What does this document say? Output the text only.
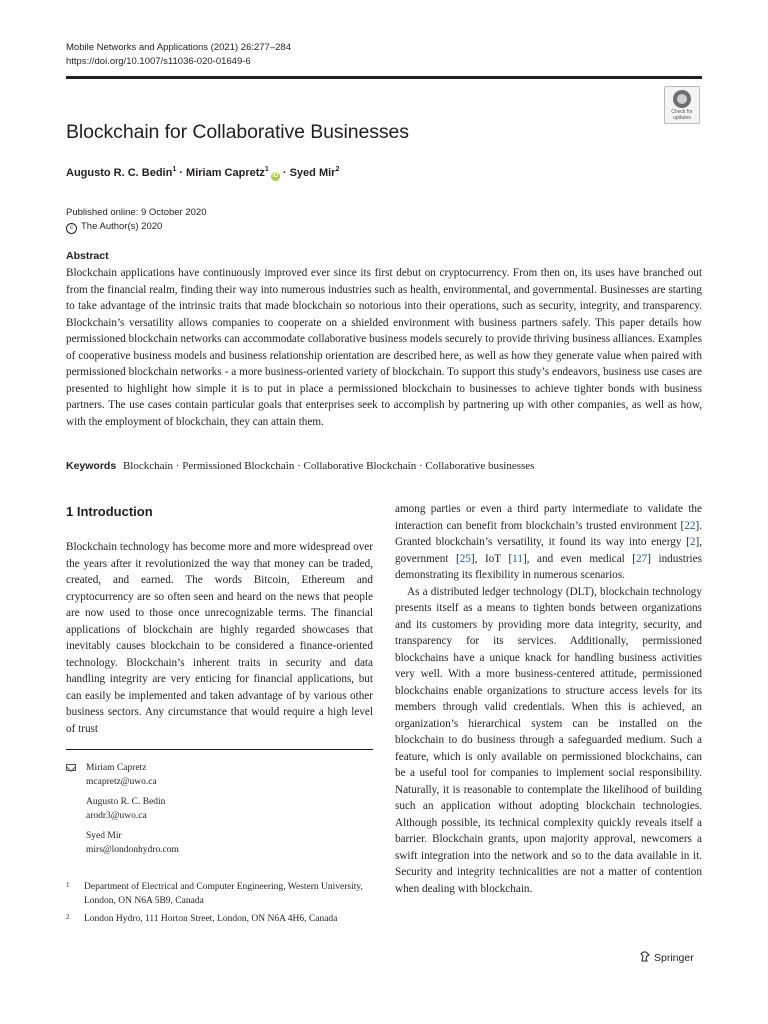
Mobile Networks and Applications (2021) 26:277–284
https://doi.org/10.1007/s11036-020-01649-6
Check for
updates
Blockchain for Collaborative Businesses
Augusto R. C. Bedin$^1$ · Miriam Capretz$^1$iD · Syed Mir$^2$
Published online: 9 October 2020
c The Author(s) 2020
Abstract

Blockchain applications have continuously improved ever since its first debut on cryptocurrency. From then on, its uses have branched out from the financial realm, finding their way into numerous industries such as health, environmental, and governmental. Businesses are starting to take advantage of the intrinsic traits that made blockchain so notorious into their operations, such as security, integrity, and transparency. Blockchain’s versatility allows companies to cooperate on a shielded environment with business partners safely. This paper details how permissioned blockchain networks can accommodate collaborative business models securely to provide thriving business alliances. Examples of cooperative business models and business relationship orientation are described here, as well as how they generate value when paired with permissioned blockchain networks - a more business-oriented variety of blockchain. To support this study’s endeavors, business use cases are presented to highlight how simple it is to put in place a permissioned blockchain to businesses to achieve tighter bonds with business partners. The use cases contain particular goals that enterprises seek to accomplish by partnering up with other companies, as well as how, with the employment of blockchain, they can attain them.

Keywords Blockchain · Permissioned Blockchain · Collaborative Blockchain · Collaborative businesses
1 Introduction

Blockchain technology has become more and more widespread over the years after it revolutionized the way that money can be traded, created, and earned. The words Bitcoin, Ethereum and cryptocurrency are so often seen and heard on the news that people are now used to those once unrecognizable terms. The financial applications of blockchain are highly regarded showcases that inevitably causes blockchain to be considered a finance-oriented technology. Blockchain’s inherent traits in security and data handling integrity are very enticing for financial applications, but can easily be implemented and taken advantage of by various other business sectors. Any circumstance that would require a high level of trust

among parties or even a third party intermediate to validate the interaction can benefit from blockchain’s trusted environment [22]. Granted blockchain’s versatility, it found its way into energy [2], government [25], IoT [11], and even medical [27] industries demonstrating its flexibility in numerous scenarios.

As a distributed ledger technology (DLT), blockchain technology presents itself as a means to tighten bonds between organizations and its customers by providing more data integrity, security, and transparency for its services. Additionally, permissioned blockchains have a unique knack for handling business activities very well. With a more business-centered attitude, permissioned blockchains enable organizations to structure access levels for its members through valid credentials. When this is achieved, an organization’s hierarchical system can be installed on the blockchain to do business through a safeguarded medium. Such a feature, which is only available on permissioned blockchains, can be a useful tool for companies to implement social responsibility. Naturally, it is reasonable to contemplate the likelihood of building such an application without adopting blockchain technologies. Although possible, its technical complexity quickly reveals itself a barrier. Blockchain grants, upon majority approval, newcomers a swift integration into the network and so to the data available in it. Security and integrity technicalities are not a matter of contention when dealing with blockchain.

Miriam Capretz
mcapretz@uwo.ca
Augusto R. C. Bedin
arodr3@uwo.ca
Syed Mir
mirs@londonhydro.com
1 Department of Electrical and Computer Engineering, Western University, London, ON N6A 5B9, Canada
2 London Hydro, 111 Horton Street, London, ON N6A 4H6, Canada
Springer
